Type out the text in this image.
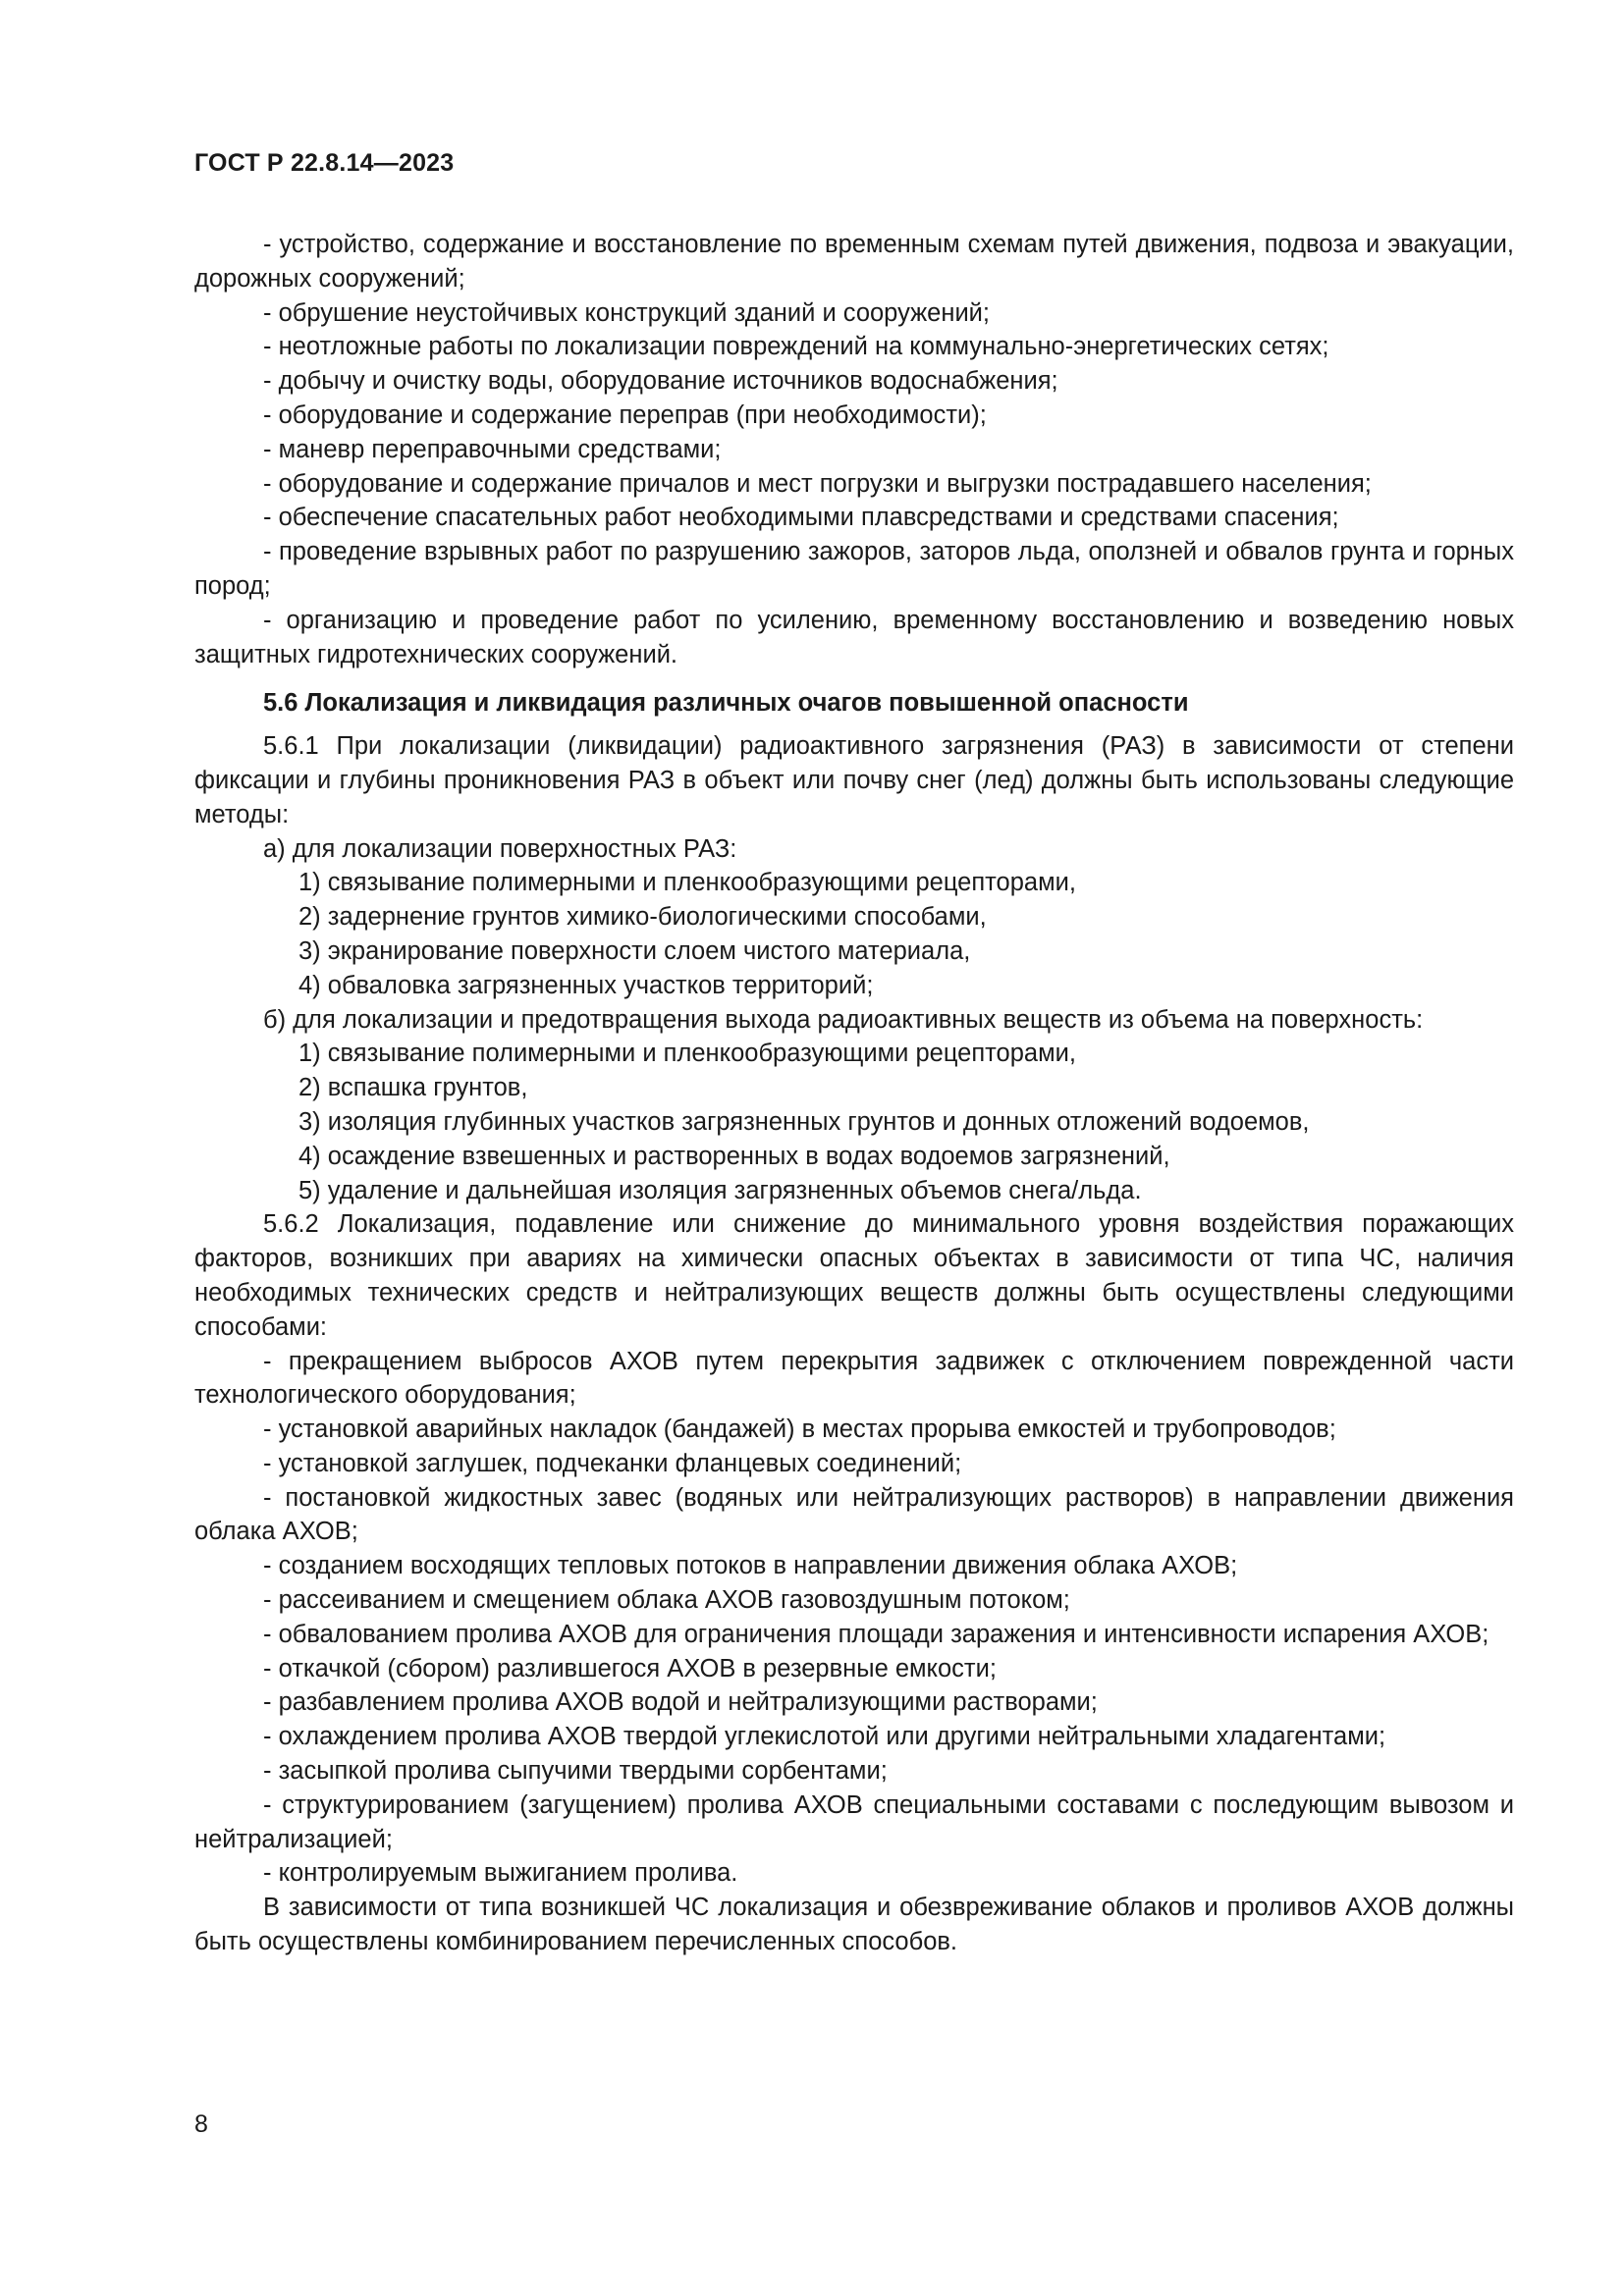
ГОСТ Р 22.8.14—2023

- устройство, содержание и восстановление по временным схемам путей движения, подвоза и эвакуации, дорожных сооружений;

- обрушение неустойчивых конструкций зданий и сооружений;

- неотложные работы по локализации повреждений на коммунально-энергетических сетях;

- добычу и очистку воды, оборудование источников водоснабжения;

- оборудование и содержание переправ (при необходимости);

- маневр переправочными средствами;

- оборудование и содержание причалов и мест погрузки и выгрузки пострадавшего населения;

- обеспечение спасательных работ необходимыми плавсредствами и средствами спасения;

- проведение взрывных работ по разрушению зажоров, заторов льда, оползней и обвалов грунта и горных пород;

- организацию и проведение работ по усилению, временному восстановлению и возведению новых защитных гидротехнических сооружений.

5.6 Локализация и ликвидация различных очагов повышенной опасности

5.6.1 При локализации (ликвидации) радиоактивного загрязнения (РАЗ) в зависимости от степени фиксации и глубины проникновения РАЗ в объект или почву снег (лед) должны быть использованы следующие методы:

а) для локализации поверхностных РАЗ:

1) связывание полимерными и пленкообразующими рецепторами,

2) задернение грунтов химико-биологическими способами,

3) экранирование поверхности слоем чистого материала,

4) обваловка загрязненных участков территорий;

б) для локализации и предотвращения выхода радиоактивных веществ из объема на поверхность:

1) связывание полимерными и пленкообразующими рецепторами,

2) вспашка грунтов,

3) изоляция глубинных участков загрязненных грунтов и донных отложений водоемов,

4) осаждение взвешенных и растворенных в водах водоемов загрязнений,

5) удаление и дальнейшая изоляция загрязненных объемов снега/льда.

5.6.2 Локализация, подавление или снижение до минимального уровня воздействия поражающих факторов, возникших при авариях на химически опасных объектах в зависимости от типа ЧС, наличия необходимых технических средств и нейтрализующих веществ должны быть осуществлены следующими способами:

- прекращением выбросов АХОВ путем перекрытия задвижек с отключением поврежденной части технологического оборудования;

- установкой аварийных накладок (бандажей) в местах прорыва емкостей и трубопроводов;

- установкой заглушек, подчеканки фланцевых соединений;

- постановкой жидкостных завес (водяных или нейтрализующих растворов) в направлении движения облака АХОВ;

- созданием восходящих тепловых потоков в направлении движения облака АХОВ;

- рассеиванием и смещением облака АХОВ газовоздушным потоком;

- обвалованием пролива АХОВ для ограничения площади заражения и интенсивности испарения АХОВ;

- откачкой (сбором) разлившегося АХОВ в резервные емкости;

- разбавлением пролива АХОВ водой и нейтрализующими растворами;

- охлаждением пролива АХОВ твердой углекислотой или другими нейтральными хладагентами;

- засыпкой пролива сыпучими твердыми сорбентами;

- структурированием (загущением) пролива АХОВ специальными составами с последующим вывозом и нейтрализацией;

- контролируемым выжиганием пролива.

В зависимости от типа возникшей ЧС локализация и обезвреживание облаков и проливов АХОВ должны быть осуществлены комбинированием перечисленных способов.

8
